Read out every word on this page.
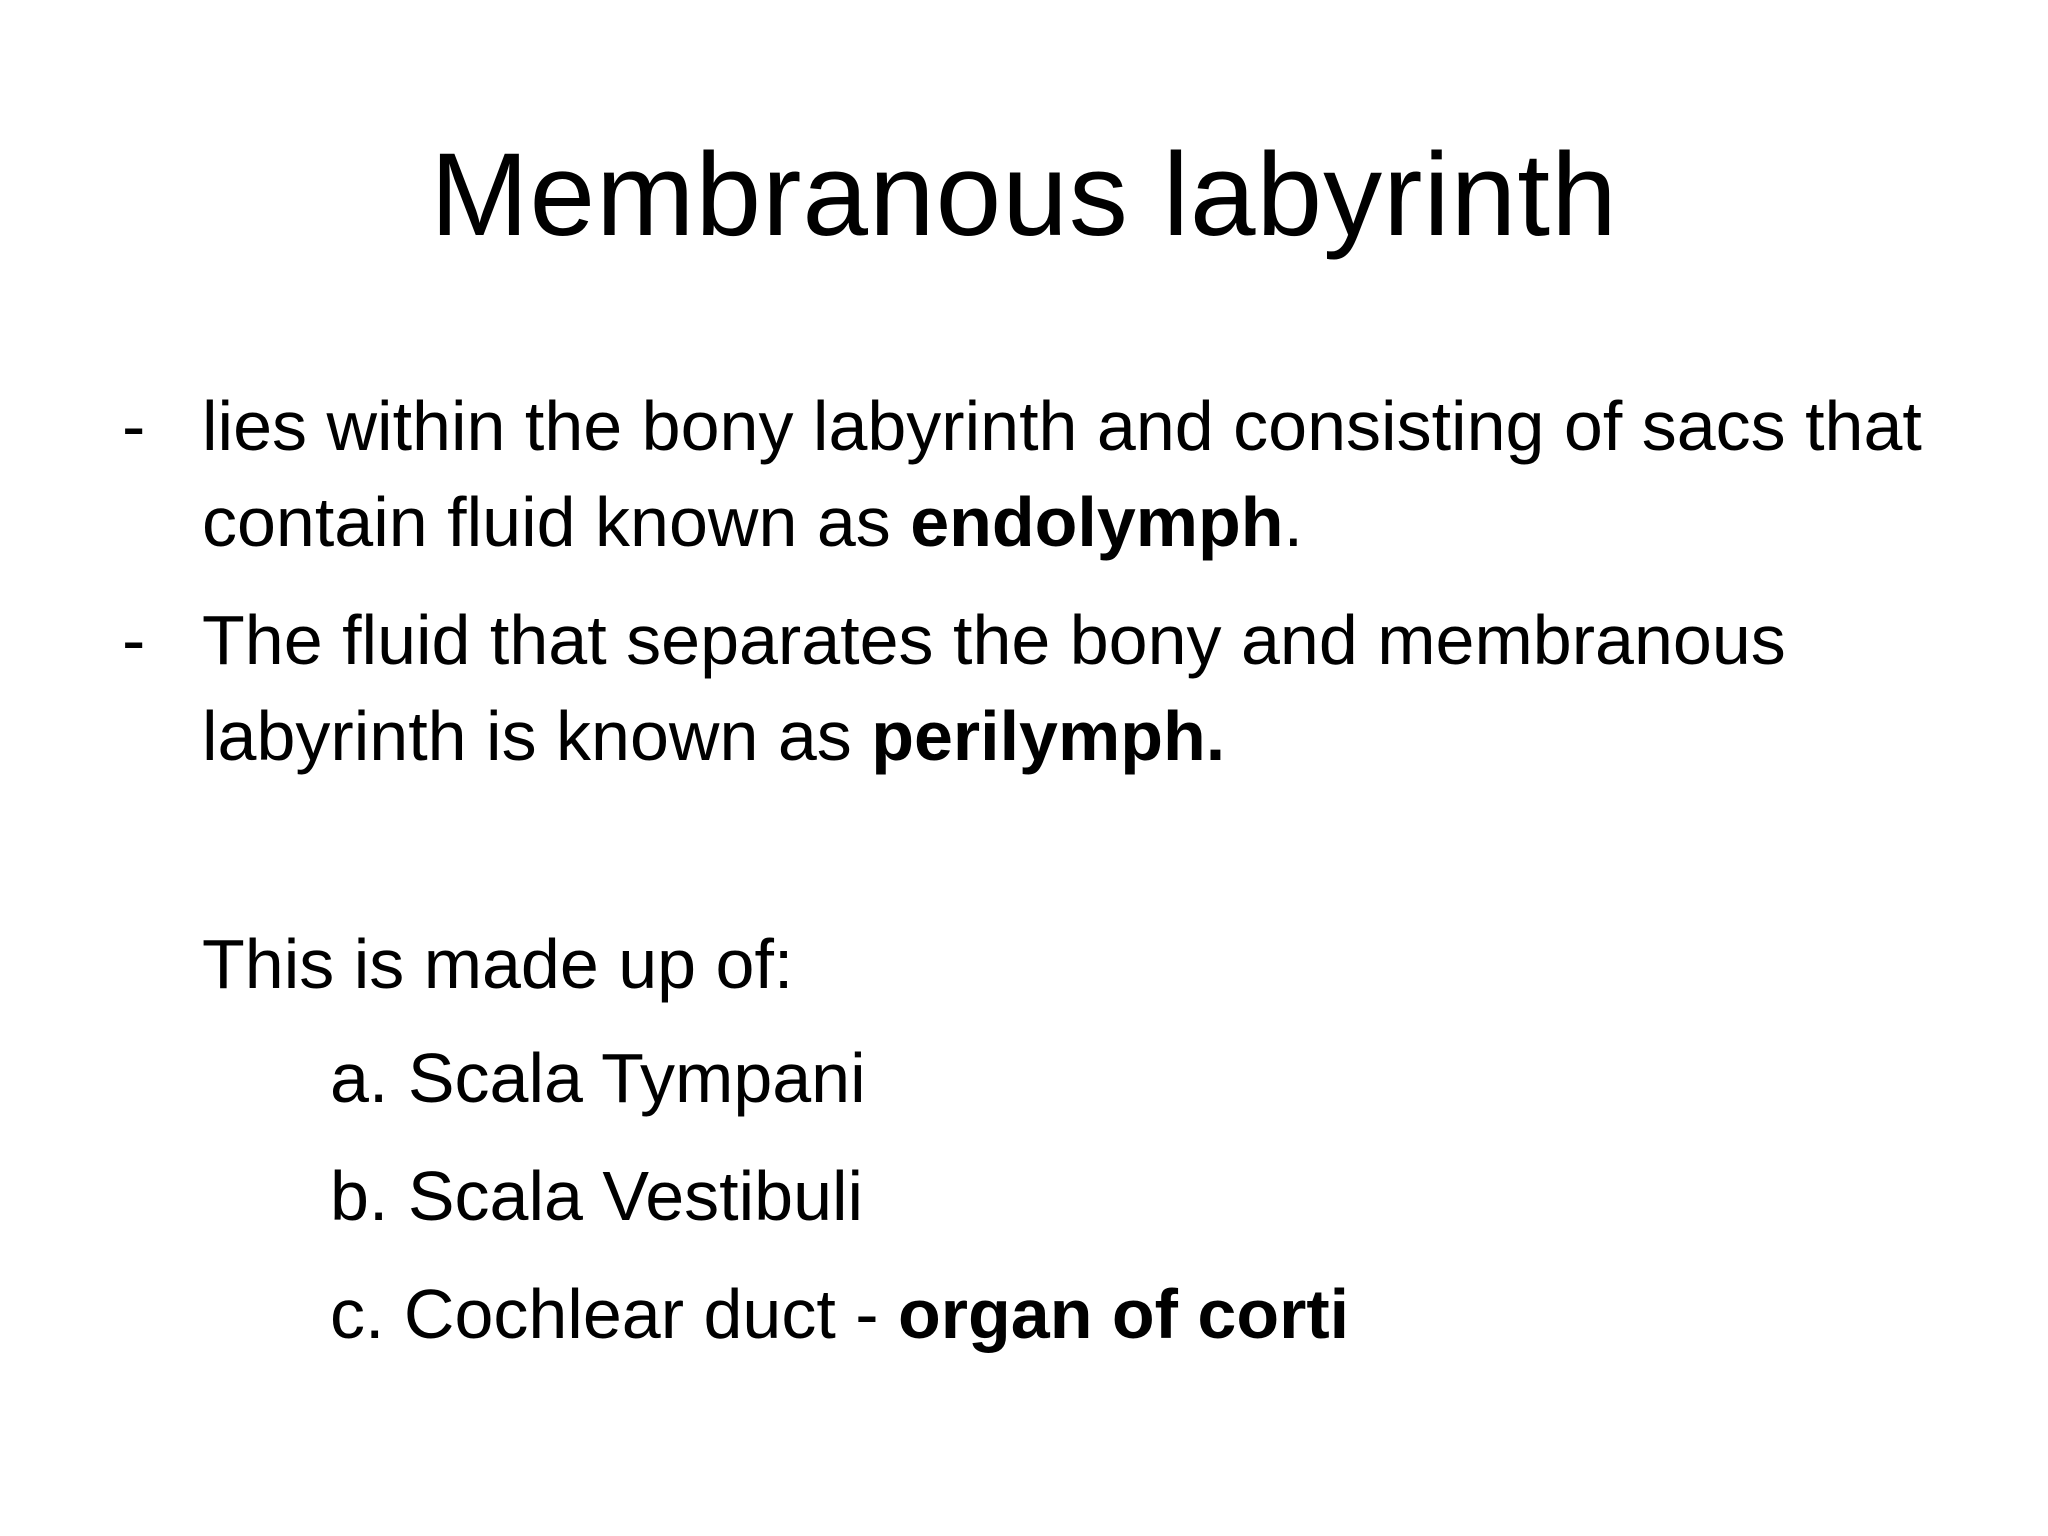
Membranous labyrinth
- lies within the bony labyrinth and consisting of sacs that contain fluid known as endolymph.
- The fluid that separates the bony and membranous labyrinth is known as perilymph.
This is made up of:
a. Scala Tympani
b. Scala Vestibuli
c. Cochlear duct - organ of corti
